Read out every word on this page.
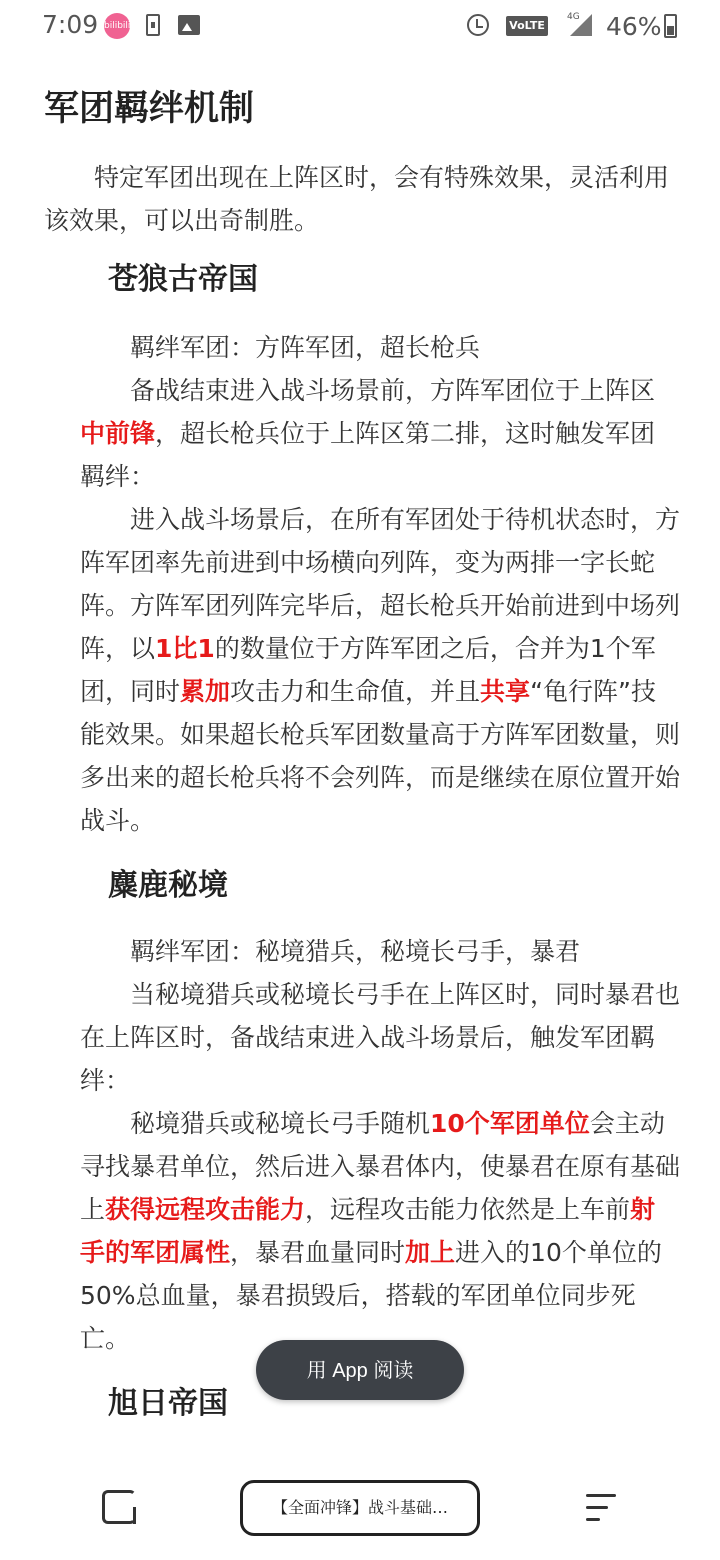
7:09 bilibili	VoLTE
4G 46%
军团羁绊机制

特定军团出现在上阵区时，会有特殊效果，灵活利用该效果，可以出奇制胜。

苍狼古帝国

羁绊军团：方阵军团，超长枪兵

备战结束进入战斗场景前，方阵军团位于上阵区中前锋，超长枪兵位于上阵区第二排，这时触发军团羁绊：

进入战斗场景后，在所有军团处于待机状态时，方阵军团率先前进到中场横向列阵，变为两排一字长蛇阵。方阵军团列阵完毕后，超长枪兵开始前进到中场列阵，以1比1的数量位于方阵军团之后，合并为1个军团，同时累加攻击力和生命值，并且共享“龟行阵”技能效果。如果超长枪兵军团数量高于方阵军团数量，则多出来的超长枪兵将不会列阵，而是继续在原位置开始战斗。

麋鹿秘境

羁绊军团：秘境猎兵，秘境长弓手，暴君

当秘境猎兵或秘境长弓手在上阵区时，同时暴君也在上阵区时，备战结束进入战斗场景后，触发军团羁绊：

秘境猎兵或秘境长弓手随机10个军团单位会主动寻找暴君单位，然后进入暴君体内，使暴君在原有基础上获得远程攻击能力，远程攻击能力依然是上车前射手的军团属性，暴君血量同时加上进入的10个单位的50%总血量，暴君损毁后，搭载的军团单位同步死亡。

旭日帝国
用 App 阅读
【全面冲锋】战斗基础…
